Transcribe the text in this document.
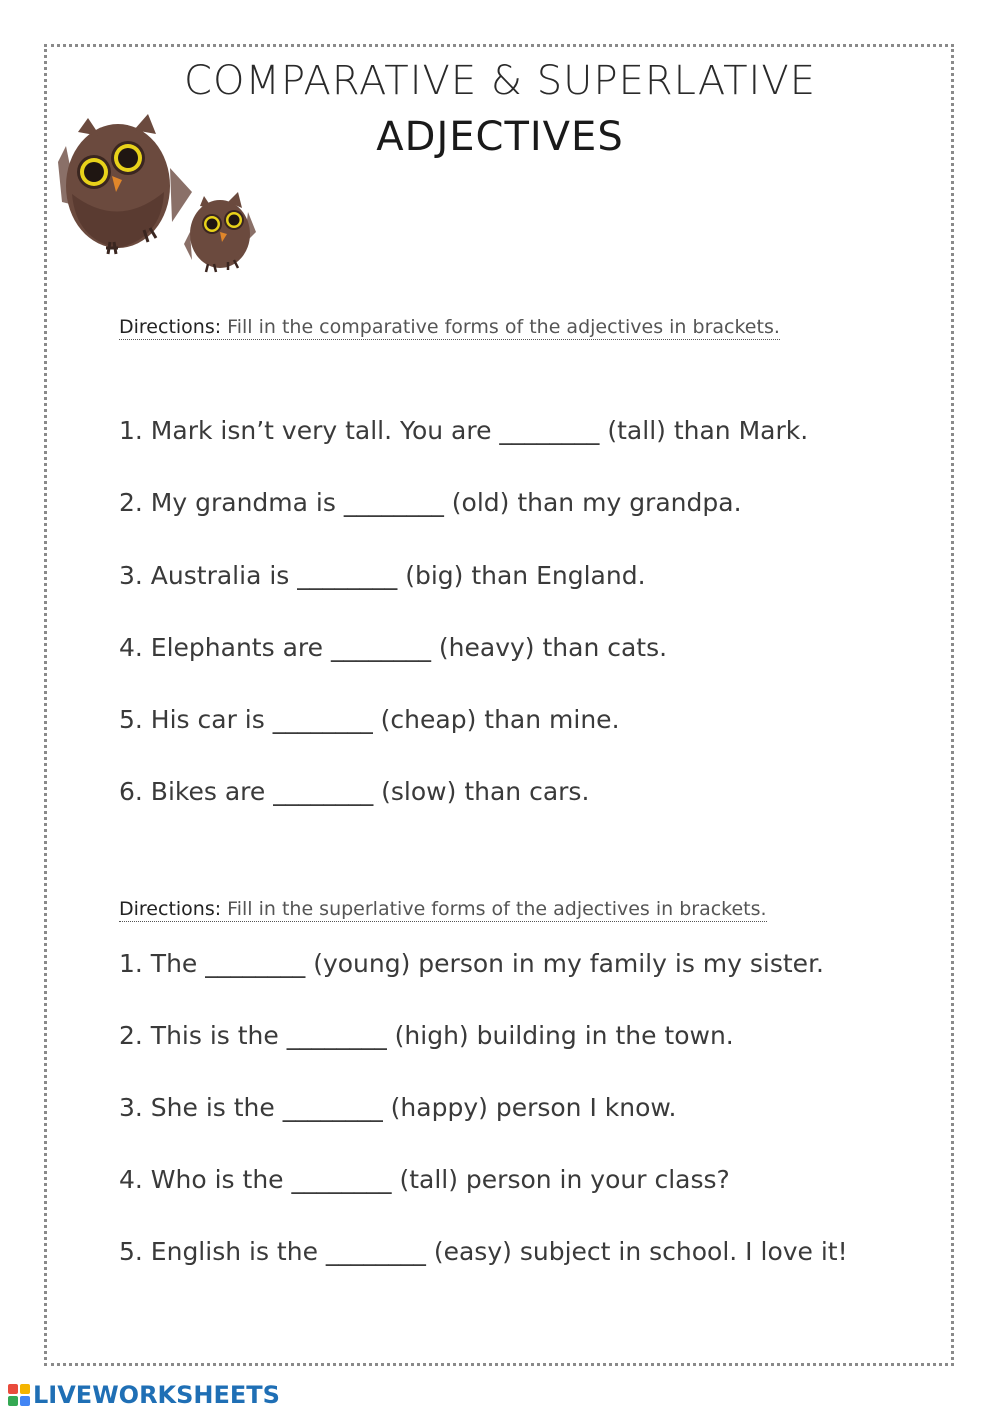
COMPARATIVE & SUPERLATIVE
ADJECTIVES
Directions: Fill in the comparative forms of the adjectives in brackets.
1. Mark isn’t very tall. You are ________ (tall) than Mark.
2. My grandma is ________ (old) than my grandpa.
3. Australia is ________ (big) than England.
4. Elephants are ________ (heavy) than cats.
5. His car is ________ (cheap) than mine.
6. Bikes are ________ (slow) than cars.
Directions: Fill in the superlative forms of the adjectives in brackets.
1. The ________ (young) person in my family is my sister.
2. This is the ________ (high) building in the town.
3. She is the ________ (happy) person I know.
4. Who is the ________ (tall) person in your class?
5. English is the ________ (easy) subject in school. I love it!
LIVEWORKSHEETS
